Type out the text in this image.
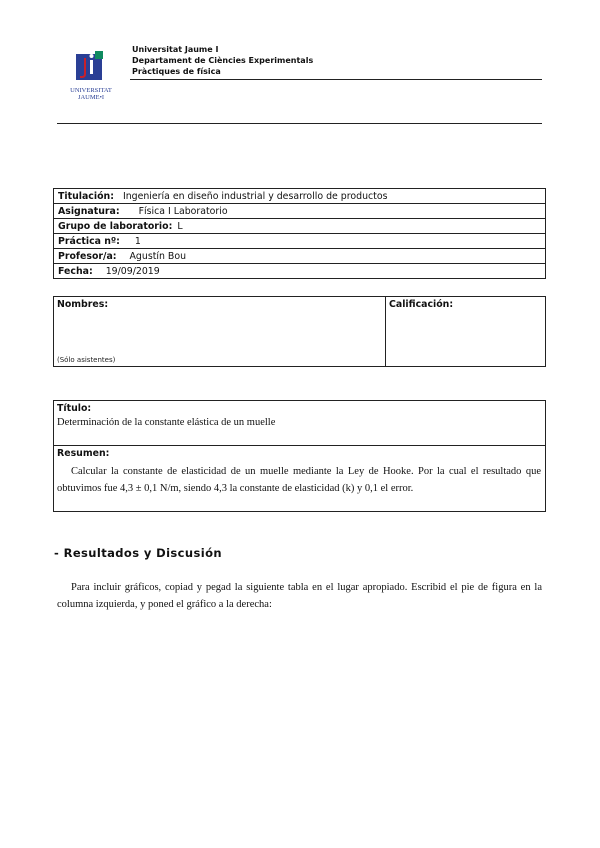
UNIVERSITAT
JAUME•I
Universitat Jaume I
Departament de Ciències Experimentals
Pràctiques de física
Titulación: Ingeniería en diseño industrial y desarrollo de productos
Asignatura: Física I Laboratorio
Grupo de laboratorio: L
Práctica nº: 1
Profesor/a: Agustín Bou
Fecha: 19/09/2019
Nombres:
(Sólo asistentes)
Calificación:
Título:
Determinación de la constante elástica de un muelle
Resumen:
Calcular la constante de elasticidad de un muelle mediante la Ley de Hooke. Por la cual el resultado que obtuvimos fue 4,3 ± 0,1 N/m, siendo 4,3 la constante de elasticidad (k) y 0,1 el error.
- Resultados y Discusión
Para incluir gráficos, copiad y pegad la siguiente tabla en el lugar apropiado. Escribid el pie de figura en la columna izquierda, y poned el gráfico a la derecha:
